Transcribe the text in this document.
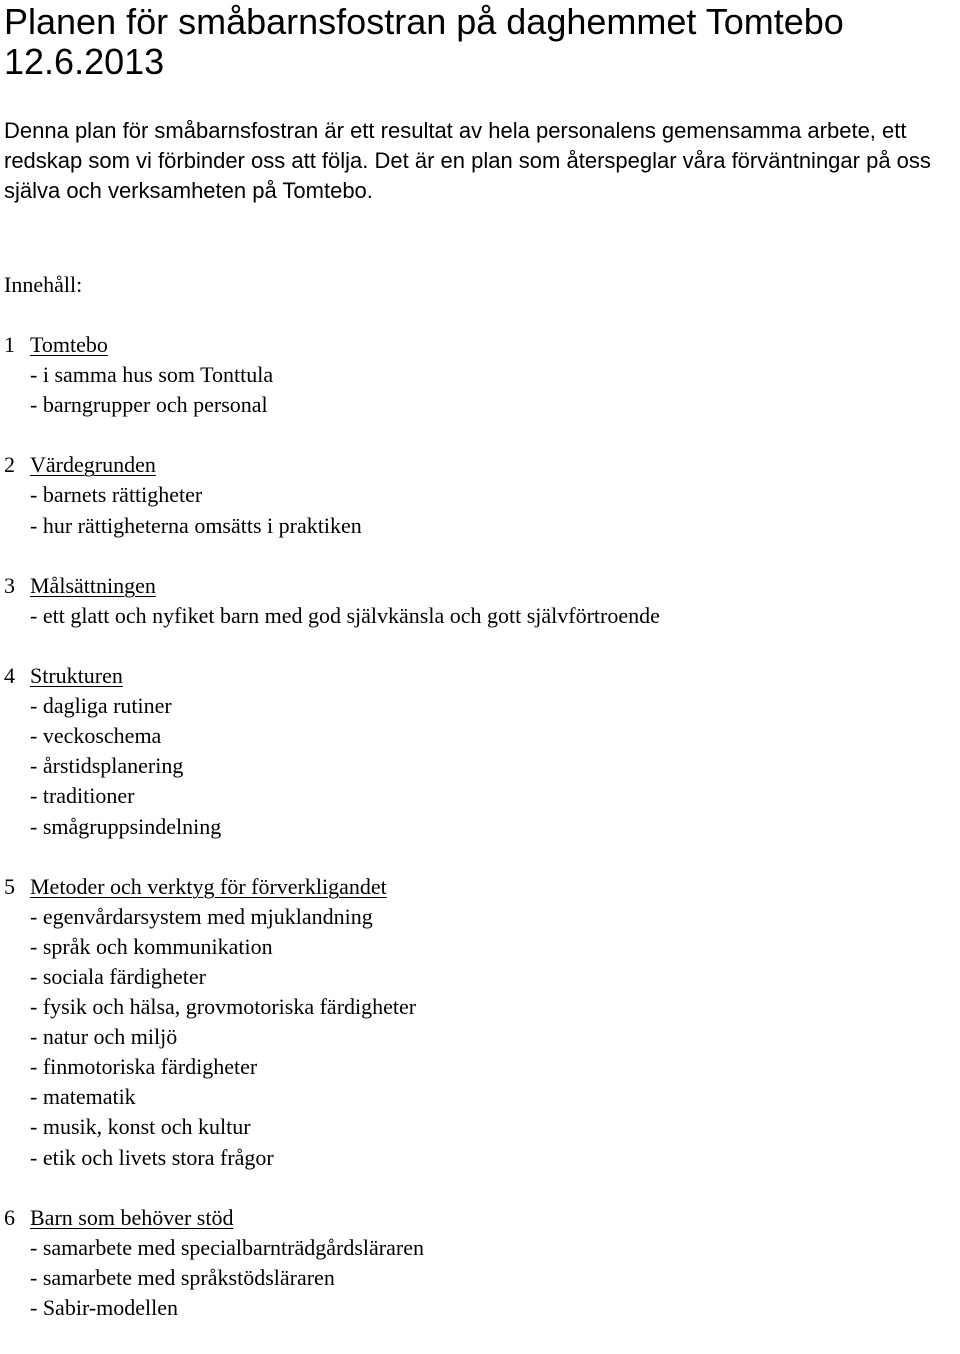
Planen för småbarnsfostran på daghemmet Tomtebo 12.6.2013

Denna plan för småbarnsfostran är ett resultat av hela personalens gemensamma arbete, ett redskap som vi förbinder oss att följa. Det är en plan som återspeglar våra förväntningar på oss själva och verksamheten på Tomtebo.

Innehåll:

1 Tomtebo
- i samma hus som Tonttula
- barngrupper och personal
2 Värdegrunden
- barnets rättigheter
- hur rättigheterna omsätts i praktiken
3 Målsättningen
- ett glatt och nyfiket barn med god självkänsla och gott självförtroende
4 Strukturen
- dagliga rutiner
- veckoschema
- årstidsplanering
- traditioner
- smågruppsindelning
5 Metoder och verktyg för förverkligandet
- egenvårdarsystem med mjuklandning
- språk och kommunikation
- sociala färdigheter
- fysik och hälsa, grovmotoriska färdigheter
- natur och miljö
- finmotoriska färdigheter
- matematik
- musik, konst och kultur
- etik och livets stora frågor
6 Barn som behöver stöd
- samarbete med specialbarnträdgårdsläraren
- samarbete med språkstödsläraren
- Sabir-modellen
